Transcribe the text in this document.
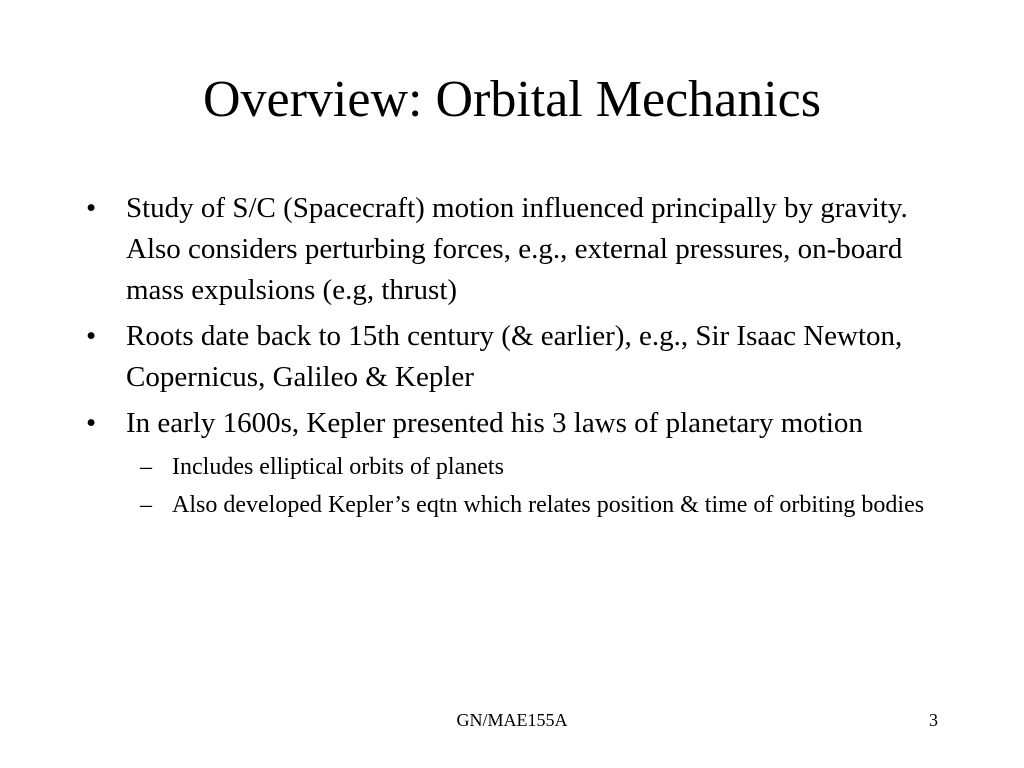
Overview: Orbital Mechanics
• Study of S/C (Spacecraft) motion influenced principally by gravity. Also considers perturbing forces, e.g., external pressures, on-board mass expulsions (e.g, thrust)
• Roots date back to 15th century (& earlier), e.g., Sir Isaac Newton, Copernicus, Galileo & Kepler
• In early 1600s, Kepler presented his 3 laws of planetary motion
– Includes elliptical orbits of planets
– Also developed Kepler’s eqtn which relates position & time of orbiting bodies
GN/MAE155A	3
